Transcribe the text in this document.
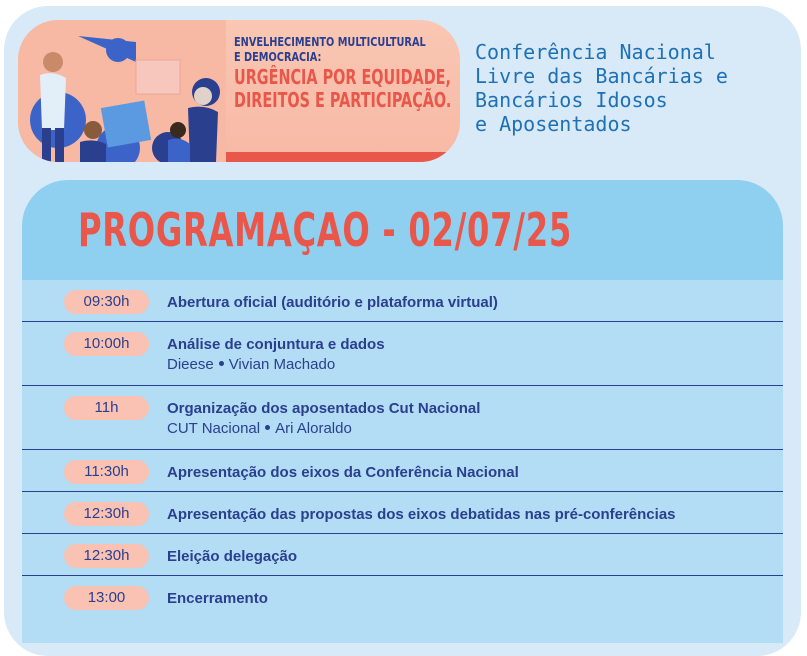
ENVELHECIMENTO MULTICULTURAL
E DEMOCRACIA:
URGÊNCIA POR EQUIDADE,
DIREITOS E PARTICIPAÇÃO.
Conferência Nacional
Livre das Bancárias e
Bancários Idosos
e Aposentados
PROGRAMAÇAO - 02/07/25
09:30h	Abertura oficial (auditório e plataforma virtual)
10:00h	Análise de conjuntura e dados
Dieese Vivian Machado
11h	Organização dos aposentados Cut Nacional
CUT Nacional Ari Aloraldo
11:30h	Apresentação dos eixos da Conferência Nacional
12:30h	Apresentação das propostas dos eixos debatidas nas pré-conferências
12:30h	Eleição delegação
13:00	Encerramento
